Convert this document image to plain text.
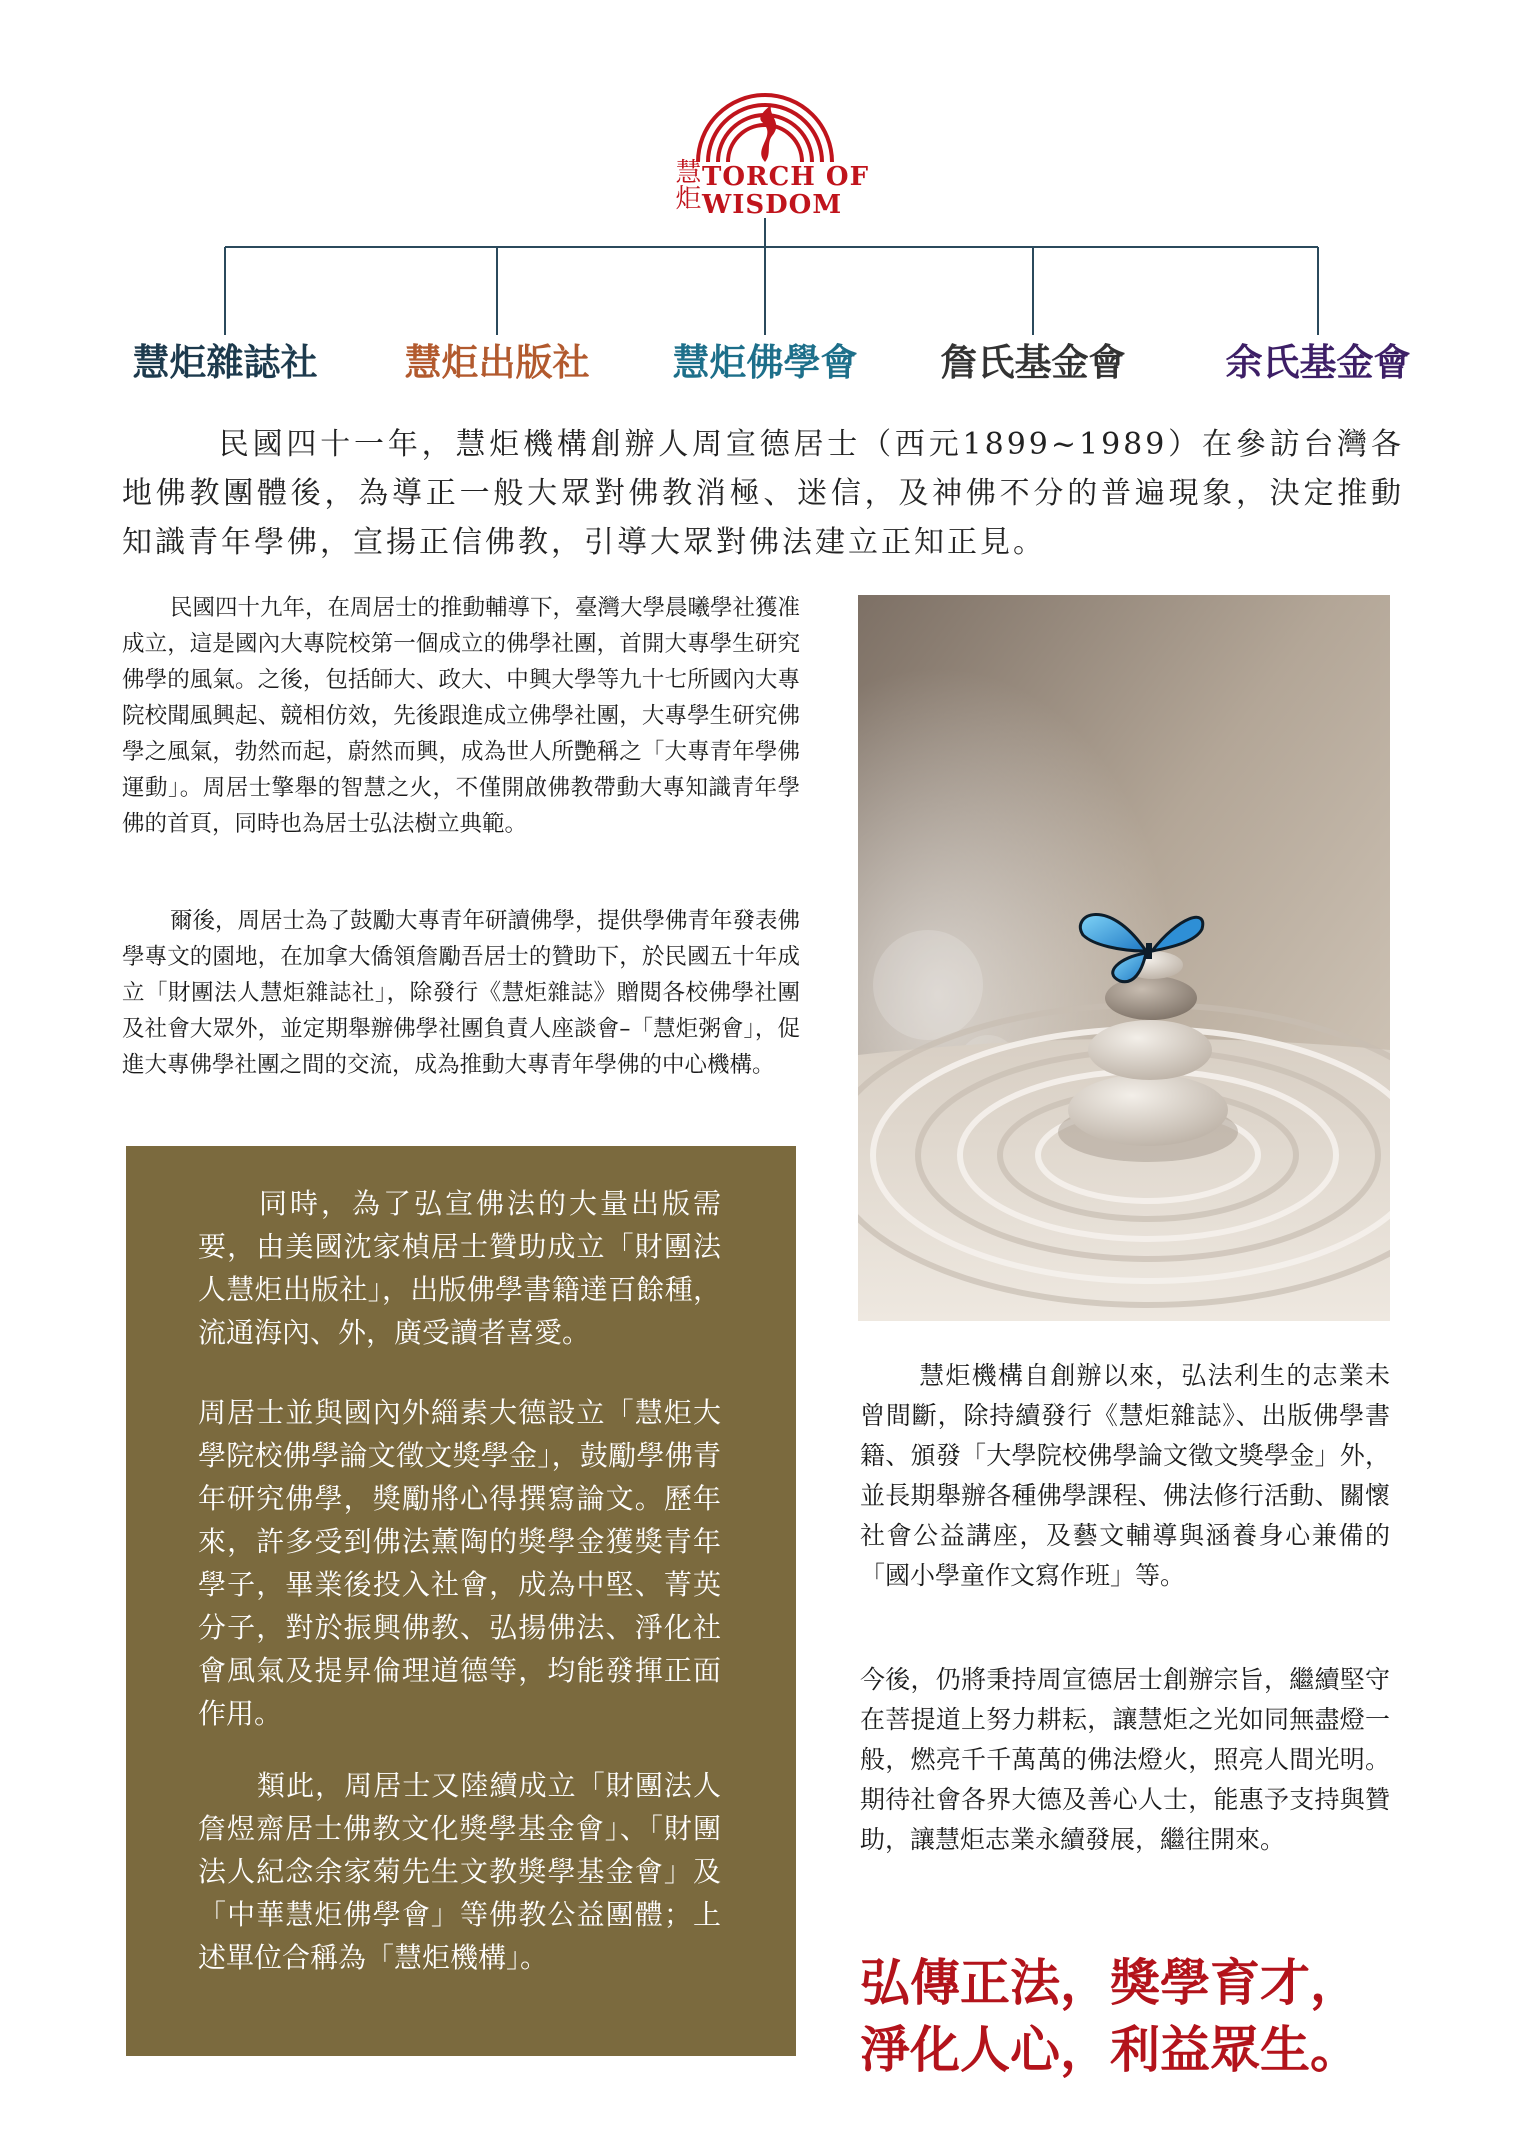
慧炬 TORCH OF
WISDOM
慧炬雜誌社 慧炬出版社 慧炬佛學會 詹氏基金會	余氏基金會
民國四十一年，慧炬機構創辦人周宣德居士（西元1899~1989）在參訪台灣各地佛教團體後，為導正一般大眾對佛教消極、迷信，及神佛不分的普遍現象，決定推動知識青年學佛，宣揚正信佛教，引導大眾對佛法建立正知正見。
民國四十九年，在周居士的推動輔導下，臺灣大學晨曦學社獲准成立，這是國內大專院校第一個成立的佛學社團，首開大專學生研究佛學的風氣。之後，包括師大、政大、中興大學等九十七所國內大專院校聞風興起、競相仿效，先後跟進成立佛學社團，大專學生研究佛學之風氣，勃然而起，蔚然而興，成為世人所艷稱之「大專青年學佛運動」。周居士擎舉的智慧之火，不僅開啟佛教帶動大專知識青年學佛的首頁，同時也為居士弘法樹立典範。
爾後，周居士為了鼓勵大專青年研讀佛學，提供學佛青年發表佛學專文的園地，在加拿大僑領詹勵吾居士的贊助下，於民國五十年成立「財團法人慧炬雜誌社」，除發行《慧炬雜誌》贈閱各校佛學社團及社會大眾外，並定期舉辦佛學社團負責人座談會–「慧炬粥會」，促進大專佛學社團之間的交流，成為推動大專青年學佛的中心機構。
同時，為了弘宣佛法的大量出版需要，由美國沈家楨居士贊助成立「財團法人慧炬出版社」，出版佛學書籍達百餘種，流通海內、外，廣受讀者喜愛。
周居士並與國內外緇素大德設立「慧炬大學院校佛學論文徵文獎學金」，鼓勵學佛青年研究佛學，獎勵將心得撰寫論文。歷年來，許多受到佛法薰陶的獎學金獲獎青年學子，畢業後投入社會，成為中堅、菁英分子，對於振興佛教、弘揚佛法、淨化社會風氣及提昇倫理道德等，均能發揮正面作用。
類此，周居士又陸續成立「財團法人詹煜齋居士佛教文化獎學基金會」、「財團法人紀念余家菊先生文教獎學基金會」及「中華慧炬佛學會」等佛教公益團體；上述單位合稱為「慧炬機構」。
慧炬機構自創辦以來，弘法利生的志業未曾間斷，除持續發行《慧炬雜誌》、出版佛學書籍、頒發「大學院校佛學論文徵文獎學金」外，並長期舉辦各種佛學課程、佛法修行活動、關懷社會公益講座，及藝文輔導與涵養身心兼備的「國小學童作文寫作班」等。
今後，仍將秉持周宣德居士創辦宗旨，繼續堅守在菩提道上努力耕耘，讓慧炬之光如同無盡燈一般，燃亮千千萬萬的佛法燈火，照亮人間光明。期待社會各界大德及善心人士，能惠予支持與贊助，讓慧炬志業永續發展，繼往開來。
弘傳正法，獎學育才，
淨化人心，利益眾生。
